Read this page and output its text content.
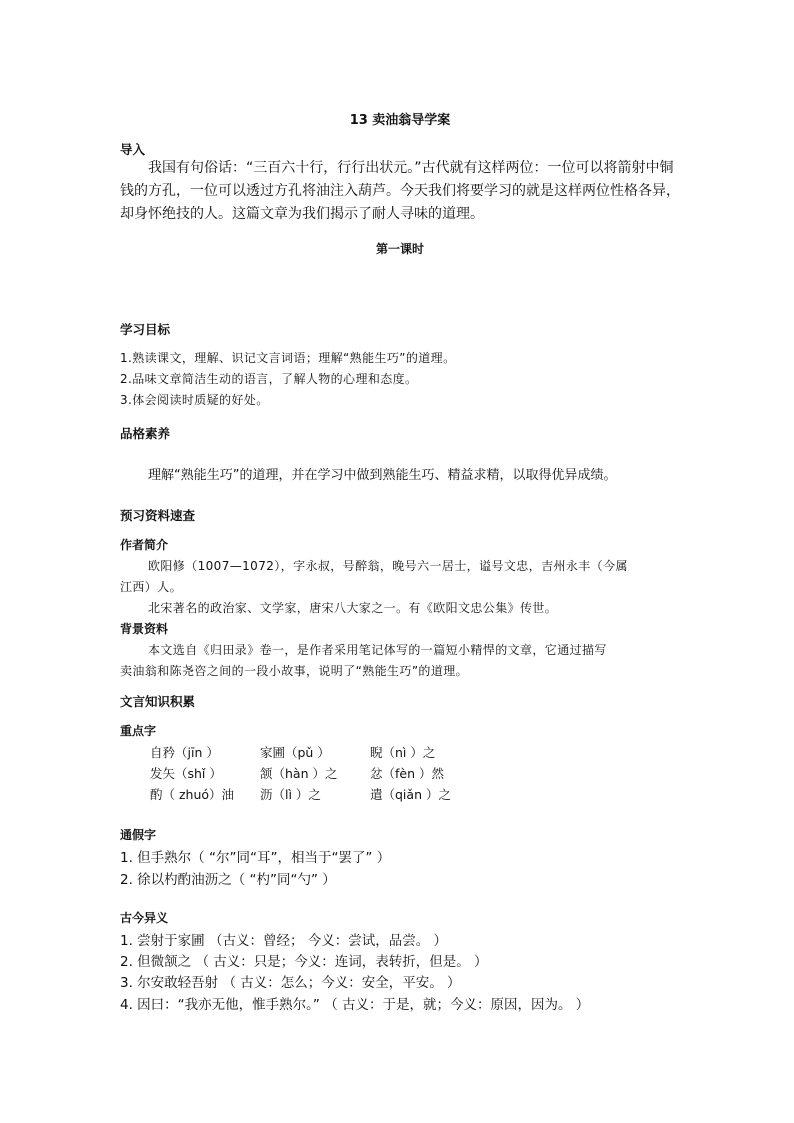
13 卖油翁导学案
导入
我国有句俗话：“三百六十行，行行出状元。”古代就有这样两位：一位可以将箭射中铜钱的方孔，一位可以透过方孔将油注入葫芦。今天我们将要学习的就是这样两位性格各异，却身怀绝技的人。这篇文章为我们揭示了耐人寻味的道理。
第一课时
学习目标
1.熟读课文，理解、识记文言词语；理解“熟能生巧”的道理。
2.品味文章简洁生动的语言，了解人物的心理和态度。
3.体会阅读时质疑的好处。
品格素养
理解“熟能生巧”的道理，并在学习中做到熟能生巧、精益求精，以取得优异成绩。
预习资料速查
作者简介
欧阳修（1007—1072），字永叔，号醉翁，晚号六一居士，谥号文忠，吉州永丰（今属
江西）人。
北宋著名的政治家、文学家，唐宋八大家之一。有《欧阳文忠公集》传世。
背景资料
本文选自《归田录》卷一，是作者采用笔记体写的一篇短小精悍的文章，它通过描写
卖油翁和陈尧咨之间的一段小故事，说明了“熟能生巧”的道理。
文言知识积累
重点字
自矜（jīn ）	家圃（pǔ ）	睨（nì ）之
发矢（shǐ ）	颔（hàn ）之	忿（fèn ）然
酌（ zhuó）油 沥（lì ）之	遣（qiǎn ）之
通假字
1. 但手熟尔（ “尔”同“耳”，相当于“罢了” ）
2. 徐以杓酌油沥之（ “杓”同“勺” ）
古今异义
1. 尝射于家圃 （古义：曾经； 今义：尝试，品尝。 ）
2. 但微颔之 （ 古义：只是；今义：连词，表转折，但是。 ）
3. 尔安敢轻吾射 （ 古义：怎么；今义：安全，平安。 ）
4. 因曰：“我亦无他，惟手熟尔。” （ 古义：于是，就；今义：原因，因为。 ）
